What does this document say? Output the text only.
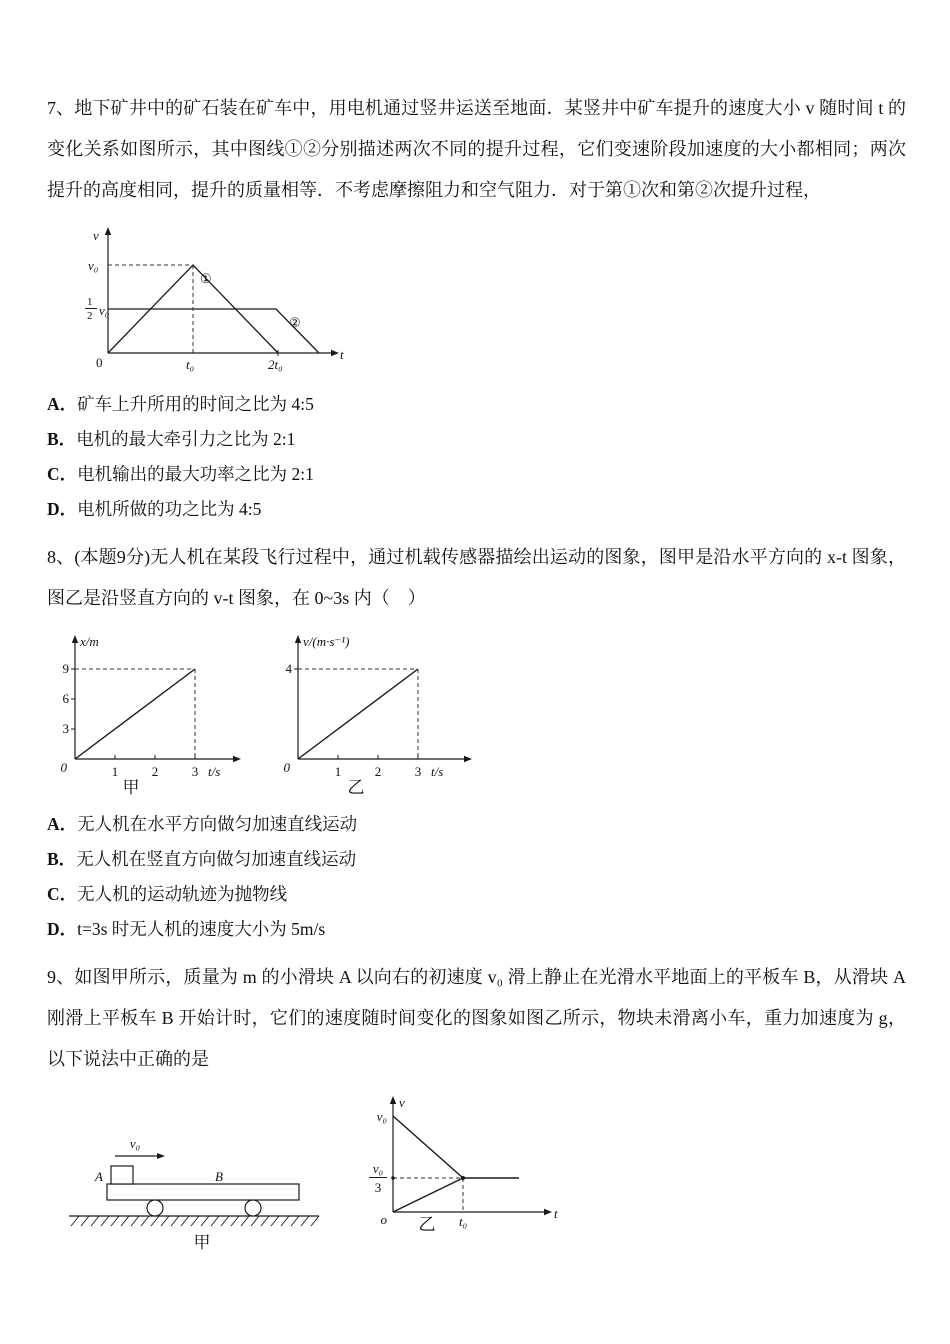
7、地下矿井中的矿石装在矿车中，用电机通过竖井运送至地面．某竖井中矿车提升的速度大小 v 随时间 t 的变化关系如图所示，其中图线①②分别描述两次不同的提升过程，它们变速阶段加速度的大小都相同；两次提升的高度相同，提升的质量相等．不考虑摩擦阻力和空气阻力．对于第①次和第②次提升过程，

v
t
v₀
1
2 v₀
0	t₀	2t₀
①
②

A．矿车上升所用的时间之比为 4:5

B．电机的最大牵引力之比为 2:1

C．电机输出的最大功率之比为 2:1

D．电机所做的功之比为 4:5

8、(本题9分)无人机在某段飞行过程中，通过机载传感器描绘出运动的图象，图甲是沿水平方向的 x-t 图象，图乙是沿竖直方向的 v-t 图象，在 0~3s 内（　）

x/m
9
6
3
0	1	2	3 t/s
甲
v/(m·s⁻¹)
4
0	1	2	3 t/s
乙

A．无人机在水平方向做匀加速直线运动

B．无人机在竖直方向做匀加速直线运动

C．无人机的运动轨迹为抛物线

D．t=3s 时无人机的速度大小为 5m/s

9、如图甲所示，质量为 m 的小滑块 A 以向右的初速度 v₀ 滑上静止在光滑水平地面上的平板车 B，从滑块 A 刚滑上平板车 B 开始计时，它们的速度随时间变化的图象如图乙所示，物块未滑离小车，重力加速度为 g，以下说法中正确的是

v₀
A	B
甲
v
v₀
v₀
3
o	t₀
t
乙
